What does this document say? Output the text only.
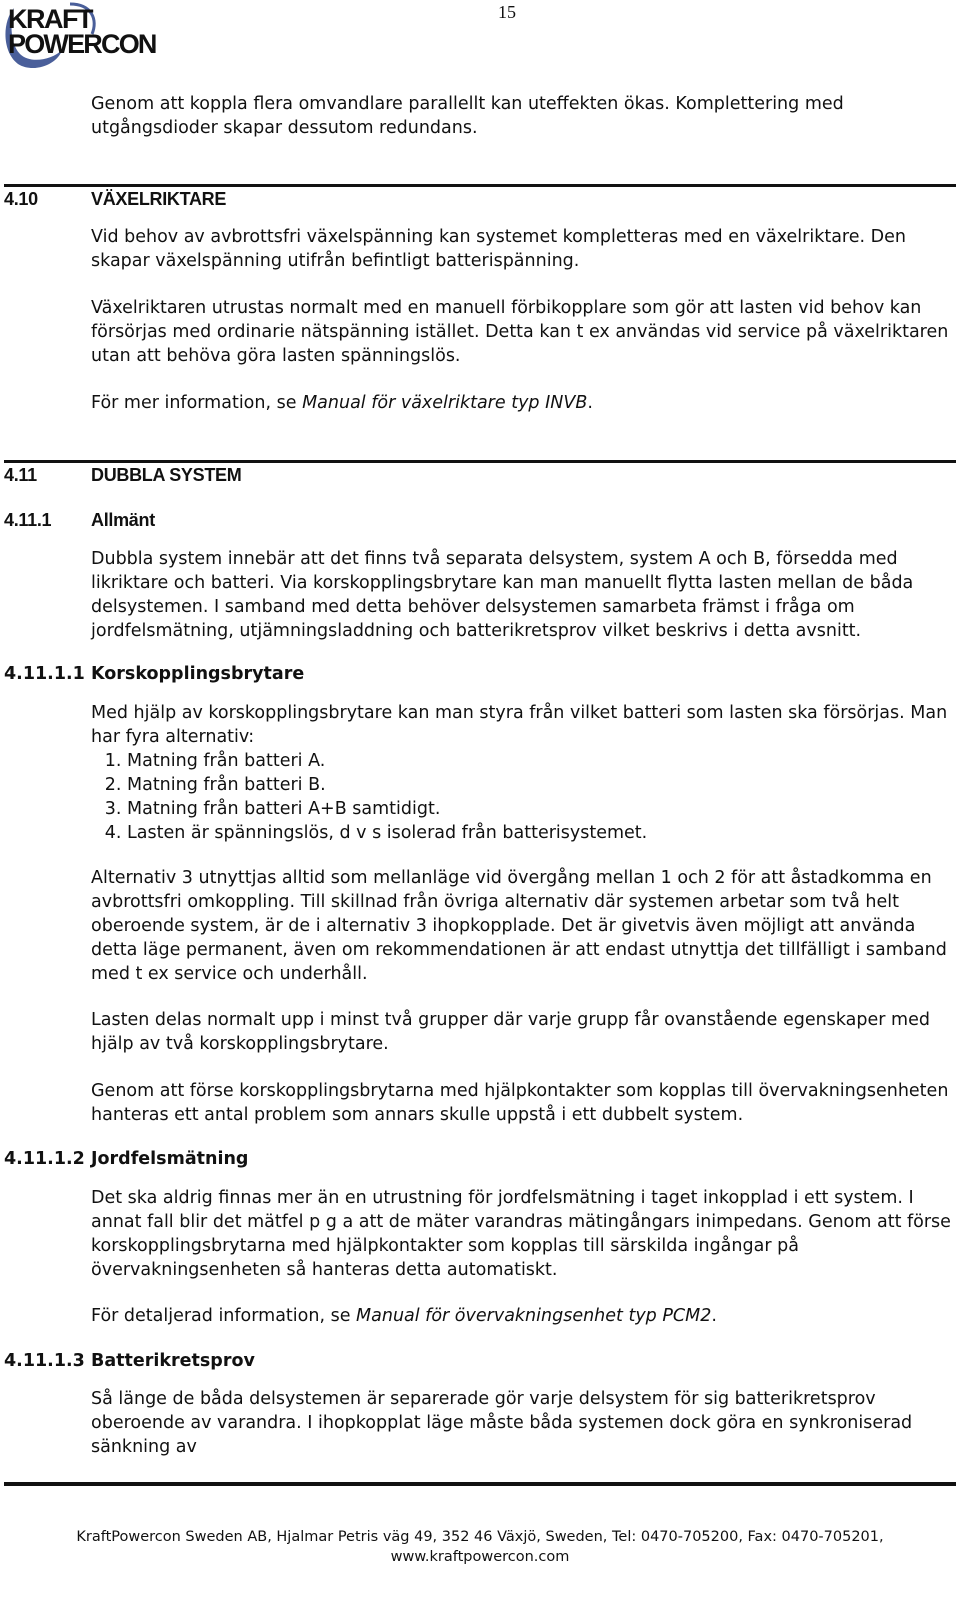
KRAFT
POWERCON
15

Genom att koppla flera omvandlare parallellt kan uteffekten ökas. Komplettering med utgångsdioder skapar dessutom redundans.

4.10	VÄXELRIKTARE

Vid behov av avbrottsfri växelspänning kan systemet kompletteras med en växelriktare. Den skapar växelspänning utifrån befintligt batterispänning.

Växelriktaren utrustas normalt med en manuell förbikopplare som gör att lasten vid behov kan försörjas med ordinarie nätspänning istället. Detta kan t ex användas vid service på växelriktaren utan att behöva göra lasten spänningslös.

För mer information, se Manual för växelriktare typ INVB.

4.11	DUBBLA SYSTEM
4.11.1 Allmänt

Dubbla system innebär att det finns två separata delsystem, system A och B, försedda med likriktare och batteri. Via korskopplingsbrytare kan man manuellt flytta lasten mellan de båda delsystemen. I samband med detta behöver delsystemen samarbeta främst i fråga om jordfelsmätning, utjämningsladdning och batterikretsprov vilket beskrivs i detta avsnitt.

4.11.1.1 Korskopplingsbrytare

Med hjälp av korskopplingsbrytare kan man styra från vilket batteri som lasten ska försörjas. Man har fyra alternativ:

1. Matning från batteri A.
2. Matning från batteri B.
3. Matning från batteri A+B samtidigt.
4. Lasten är spänningslös, d v s isolerad från batterisystemet.

Alternativ 3 utnyttjas alltid som mellanläge vid övergång mellan 1 och 2 för att åstadkomma en avbrottsfri omkoppling. Till skillnad från övriga alternativ där systemen arbetar som två helt oberoende system, är de i alternativ 3 ihopkopplade. Det är givetvis även möjligt att använda detta läge permanent, även om rekommendationen är att endast utnyttja det tillfälligt i samband med t ex service och underhåll.

Lasten delas normalt upp i minst två grupper där varje grupp får ovanstående egenskaper med hjälp av två korskopplingsbrytare.

Genom att förse korskopplingsbrytarna med hjälpkontakter som kopplas till övervakningsenheten hanteras ett antal problem som annars skulle uppstå i ett dubbelt system.

4.11.1.2 Jordfelsmätning

Det ska aldrig finnas mer än en utrustning för jordfelsmätning i taget inkopplad i ett system. I annat fall blir det mätfel p g a att de mäter varandras mätingångars inimpedans. Genom att förse korskopplingsbrytarna med hjälpkontakter som kopplas till särskilda ingångar på övervakningsenheten så hanteras detta automatiskt.

För detaljerad information, se Manual för övervakningsenhet typ PCM2.

4.11.1.3 Batterikretsprov

Så länge de båda delsystemen är separerade gör varje delsystem för sig batterikretsprov oberoende av varandra. I ihopkopplat läge måste båda systemen dock göra en synkroniserad sänkning av

KraftPowercon Sweden AB, Hjalmar Petris väg 49, 352 46 Växjö, Sweden, Tel: 0470-705200, Fax: 0470-705201,
www.kraftpowercon.com
